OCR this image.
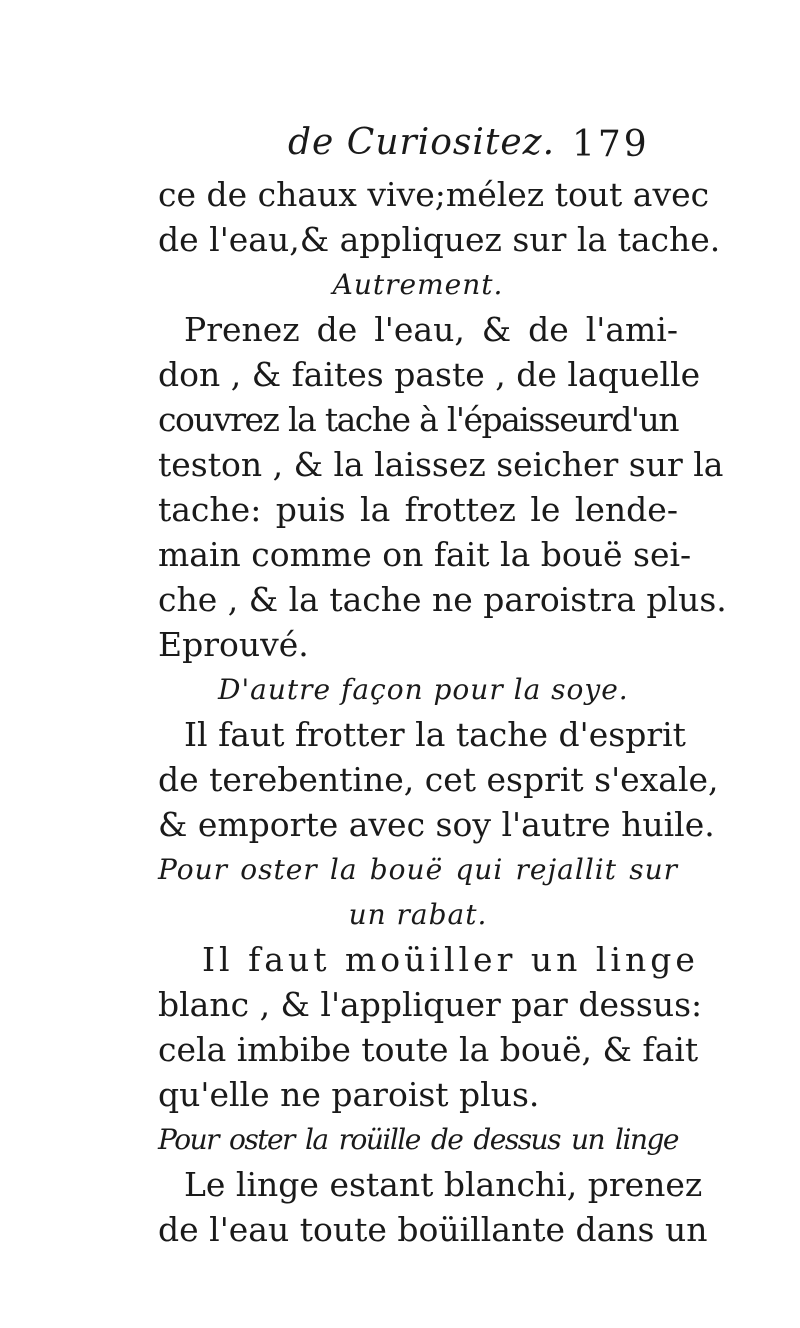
de Curiositez. 179
ce de chaux vive;mélez tout avec
de l'eau,& appliquez sur la tache.
Autrement.
Prenez de l'eau, & de l'ami-
don , & faites paste , de laquelle
couvrez la tache à l'épaisseurd'un
teston , & la laissez seicher sur la
tache: puis la frottez le lende-
main comme on fait la bouë sei-
che , & la tache ne paroistra plus.
Eprouvé.
D'autre façon pour la soye.
Il faut frotter la tache d'esprit
de terebentine, cet esprit s'exale,
& emporte avec soy l'autre huile.
Pour oster la bouë qui rejallit sur
un rabat.
Il faut moüiller un linge
blanc , & l'appliquer par dessus:
cela imbibe toute la bouë, & fait
qu'elle ne paroist plus.
Pour oster la roüille de dessus un linge
Le linge estant blanchi, prenez
de l'eau toute boüillante dans un
